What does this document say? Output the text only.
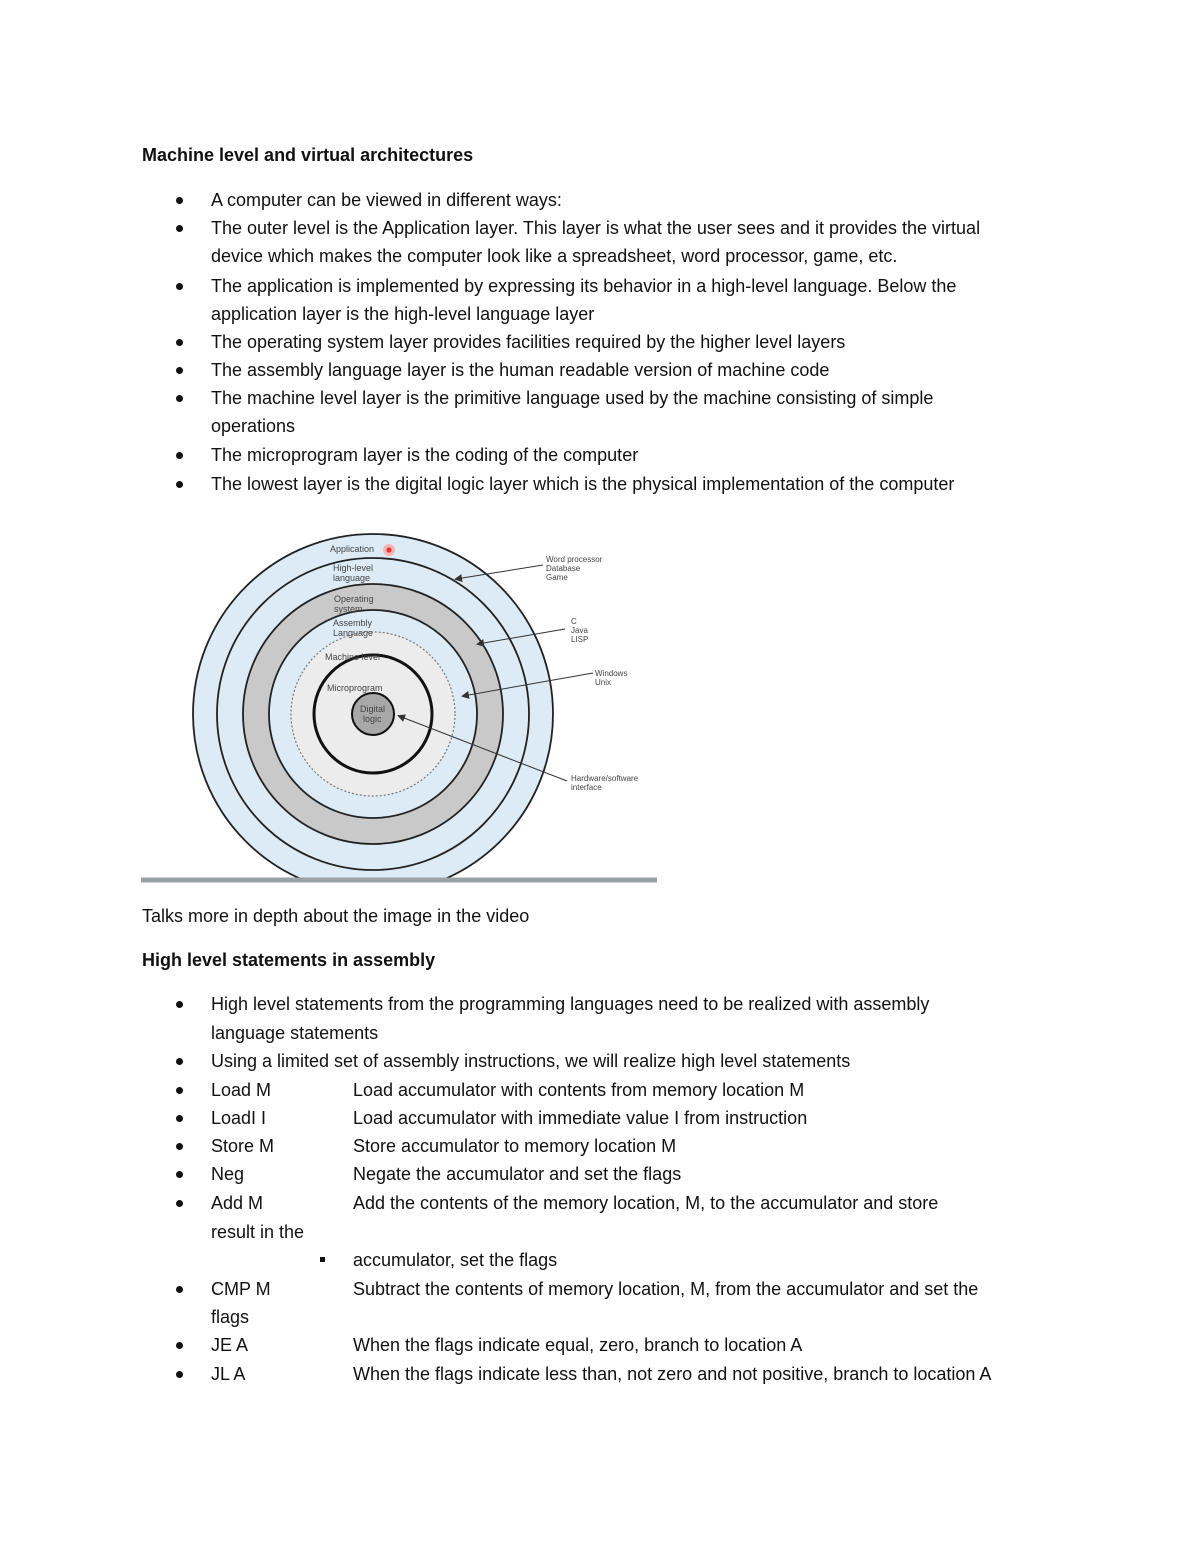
Machine level and virtual architectures
A computer can be viewed in different ways:
The outer level is the Application layer. This layer is what the user sees and it provides the virtual
device which makes the computer look like a spreadsheet, word processor, game, etc.
The application is implemented by expressing its behavior in a high-level language. Below the
application layer is the high-level language layer
The operating system layer provides facilities required by the higher level layers
The assembly language layer is the human readable version of machine code
The machine level layer is the primitive language used by the machine consisting of simple
operations
The microprogram layer is the coding of the computer
The lowest layer is the digital logic layer which is the physical implementation of the computer
Application
High-level
language
Operating
system
Assembly
Language
Machine level
Microprogram
Digital
logic
Word processor
Database
Game
C
Java
LISP
Windows
Unix
Hardware/software
interface
Talks more in depth about the image in the video
High level statements in assembly
High level statements from the programming languages need to be realized with assembly
language statements
Using a limited set of assembly instructions, we will realize high level statements
Load M	Load accumulator with contents from memory location M
LoadI I	Load accumulator with immediate value I from instruction
Store M	Store accumulator to memory location M
Neg	Negate the accumulator and set the flags
Add M	Add the contents of the memory location, M, to the accumulator and store
result in the
accumulator, set the flags
CMP M	Subtract the contents of memory location, M, from the accumulator and set the
flags
JE A	When the flags indicate equal, zero, branch to location A
JL A	When the flags indicate less than, not zero and not positive, branch to location A
